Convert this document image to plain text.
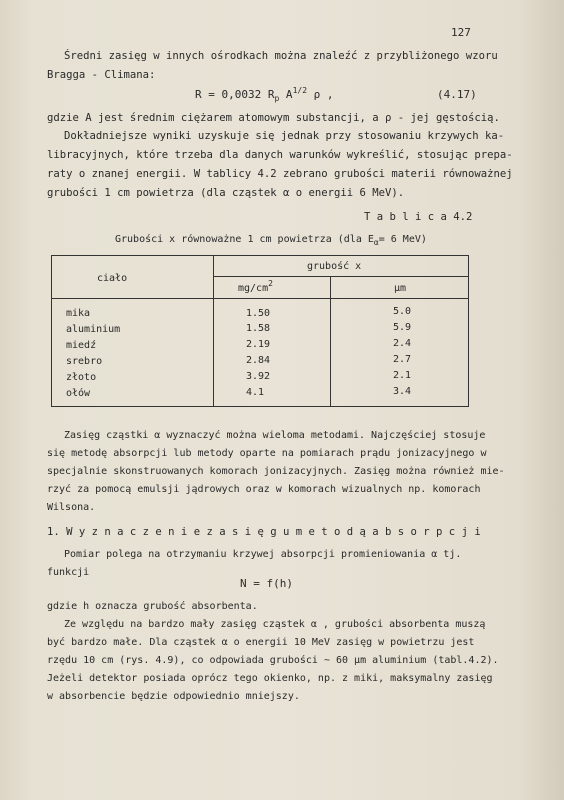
127
Średni zasięg w innych ośrodkach można znaleźć z przybliżonego wzoru
Bragga - Climana:
R = 0,0032 $R_p$ $A^{1/2}$ ρ ,	(4.17)
gdzie A jest średnim ciężarem atomowym substancji, a ρ - jej gęstością.
Dokładniejsze wyniki uzyskuje się jednak przy stosowaniu krzywych ka-
libracyjnych, które trzeba dla danych warunków wykreślić, stosując prepa-
raty o znanej energii. W tablicy 4.2 zebrano grubości materii równoważnej
grubości 1 cm powietrza (dla cząstek α o energii 6 MeV).
T a b l i c a 4.2
Grubości x równoważne 1 cm powietrza (dla $E_\alpha= 6$ MeV)
ciało
grubość x
$mg/cm^2$	μm
mika	1.50	5.0
aluminium	1.58	5.9
miedź	2.19	2.4
srebro	2.84	2.7
złoto	3.92	2.1
ołów	4.1	3.4
Zasięg cząstki α wyznaczyć można wieloma metodami. Najczęściej stosuje
się metodę absorpcji lub metody oparte na pomiarach prądu jonizacyjnego w
specjalnie skonstruowanych komorach jonizacyjnych. Zasięg można również mie-
rzyć za pomocą emulsji jądrowych oraz w komorach wizualnych np. komorach
Wilsona.
1. W y z n a c z e n i e z a s i ę g u m e t o d ą a b s o r p c j i
Pomiar polega na otrzymaniu krzywej absorpcji promieniowania α tj.
funkcji
N = f(h)
gdzie h oznacza grubość absorbenta.
Ze względu na bardzo mały zasięg cząstek α , grubości absorbenta muszą
być bardzo małe. Dla cząstek α o energii 10 MeV zasięg w powietrzu jest
rzędu 10 cm (rys. 4.9), co odpowiada grubości ~ 60 μm aluminium (tabl.4.2).
Jeżeli detektor posiada oprócz tego okienko, np. z miki, maksymalny zasięg
w absorbencie będzie odpowiednio mniejszy.
